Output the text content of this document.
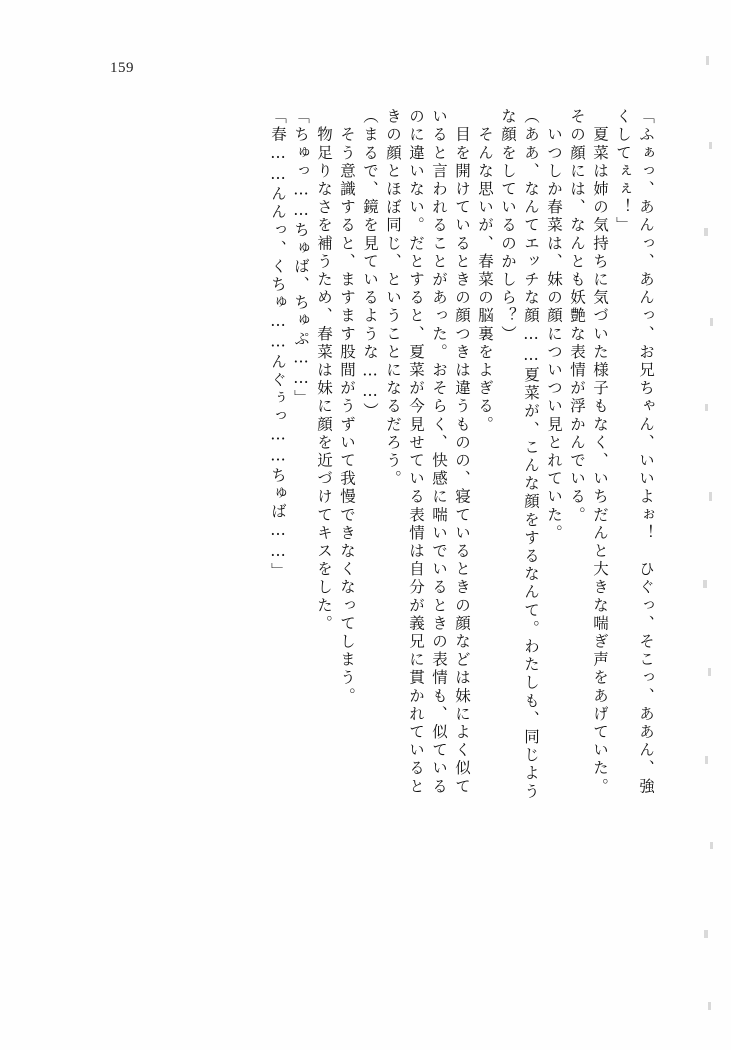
159
「春……んんっ、くちゅ……んぐぅっ……ちゅば……」 「ちゅっ……ちゅば、ちゅぷ……」 　物足りなさを補うため、春菜は妹に顔を近づけてキスをした。 　そう意識すると、ますます股間がうずいて我慢できなくなってしまう。 （まるで、鏡を見ているような……） きの顔とほぼ同じ、ということになるだろう。 のに違いない。だとすると、夏菜が今見せている表情は自分が義兄に貫かれていると いると言われることがあった。おそらく、快感に喘いでいるときの表情も、似ている 　目を開けているときの顔つきは違うものの、寝ているときの顔などは妹によく似て 　そんな思いが、春菜の脳裏をよぎる。 な顔をしているのかしら？） （ああ、なんてエッチな顔……夏菜が、こんな顔をするなんて。わたしも、同じよう 　いつしか春菜は、妹の顔についつい見とれていた。 その顔には、なんとも妖艶な表情が浮かんでいる。 　夏菜は姉の気持ちに気づいた様子もなく、いちだんと大きな喘ぎ声をあげていた。 くしてぇぇ！」 「ふぁっ、あんっ、あんっ、お兄ちゃん、いいよぉ！　ひぐっ、そこっ、ああん、強
